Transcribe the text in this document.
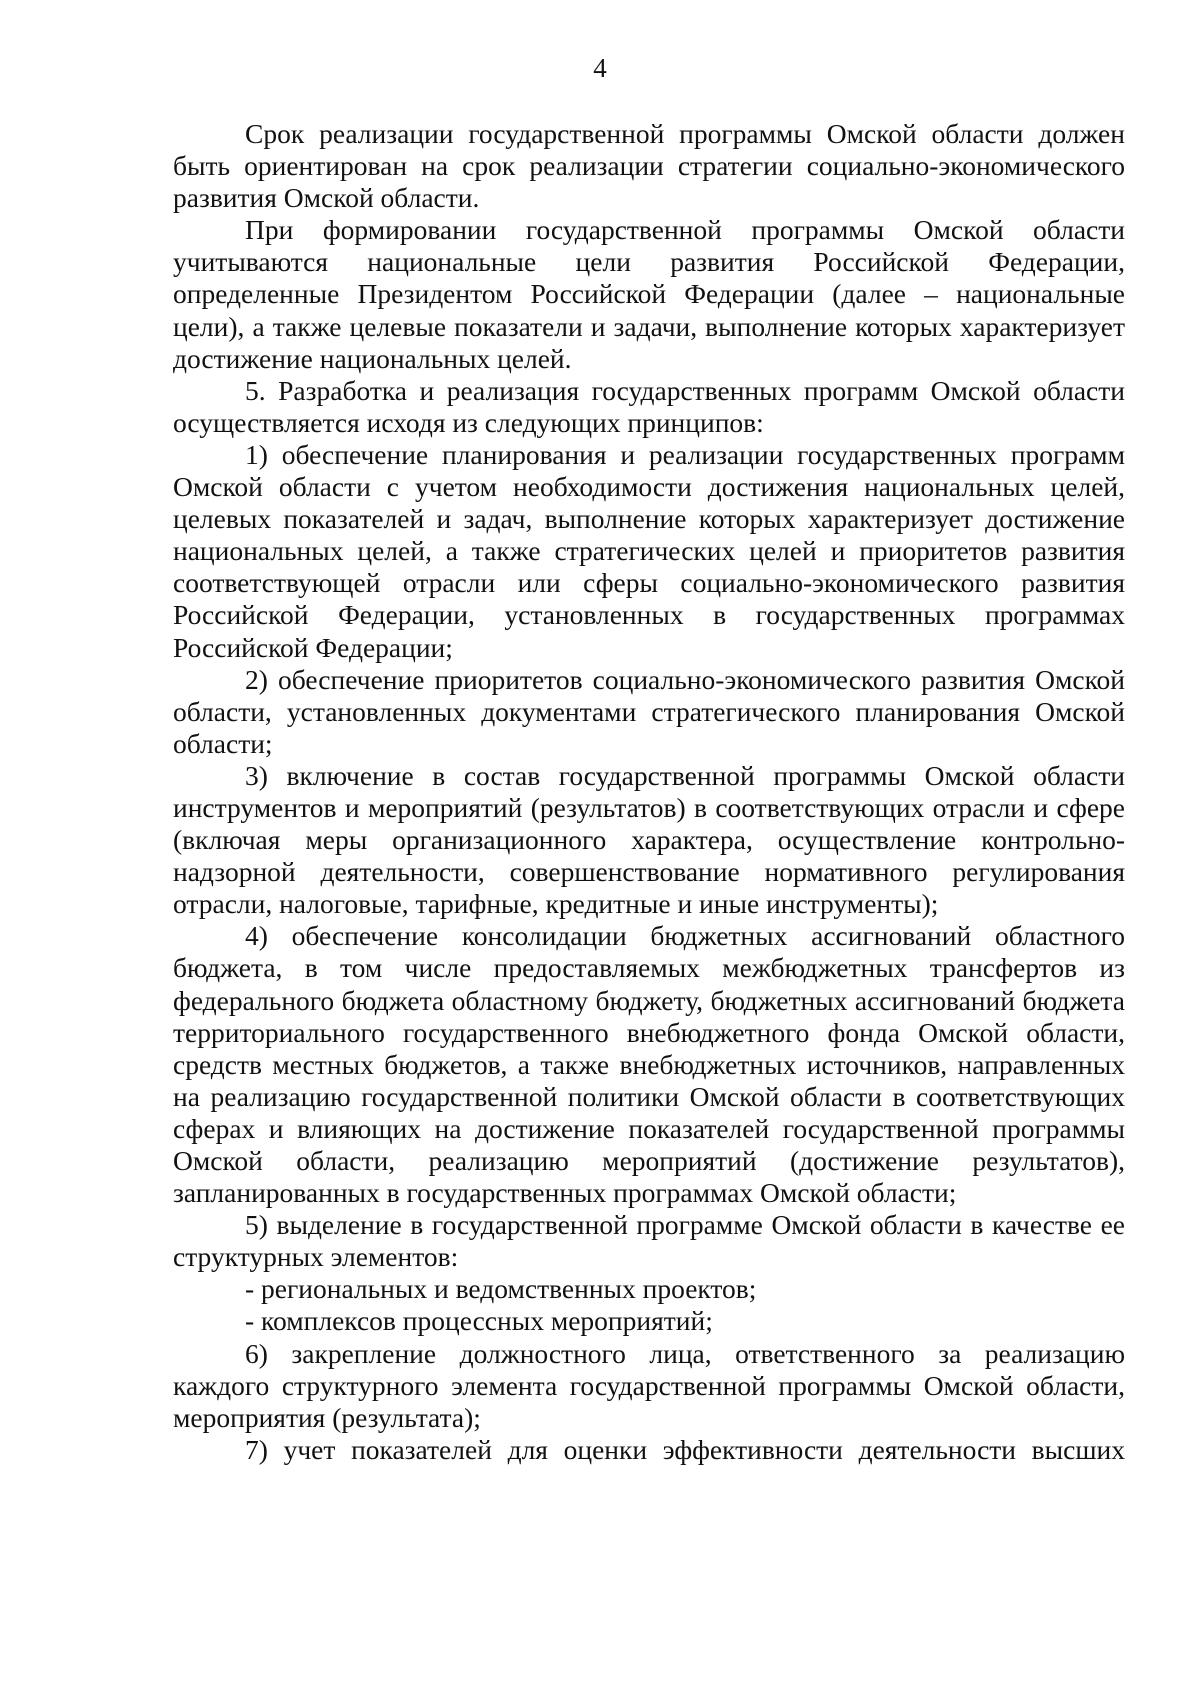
4

Срок реализации государственной программы Омской области должен быть ориентирован на срок реализации стратегии социально-экономического развития Омской области.

При формировании государственной программы Омской области учитываются национальные цели развития Российской Федерации, определенные Президентом Российской Федерации (далее – национальные цели), а также целевые показатели и задачи, выполнение которых характеризует достижение национальных целей.

5. Разработка и реализация государственных программ Омской области осуществляется исходя из следующих принципов:

1) обеспечение планирования и реализации государственных программ Омской области с учетом необходимости достижения национальных целей, целевых показателей и задач, выполнение которых характеризует достижение национальных целей, а также стратегических целей и приоритетов развития соответствующей отрасли или сферы социально-экономического развития Российской Федерации, установленных в государственных программах Российской Федерации;

2) обеспечение приоритетов социально-экономического развития Омской области, установленных документами стратегического планирования Омской области;

3) включение в состав государственной программы Омской области инструментов и мероприятий (результатов) в соответствующих отрасли и сфере (включая меры организационного характера, осуществление контрольно-надзорной деятельности, совершенствование нормативного регулирования отрасли, налоговые, тарифные, кредитные и иные инструменты);

4) обеспечение консолидации бюджетных ассигнований областного бюджета, в том числе предоставляемых межбюджетных трансфертов из федерального бюджета областному бюджету, бюджетных ассигнований бюджета территориального государственного внебюджетного фонда Омской области, средств местных бюджетов, а также внебюджетных источников, направленных на реализацию государственной политики Омской области в соответствующих сферах и влияющих на достижение показателей государственной программы Омской области, реализацию мероприятий (достижение результатов), запланированных в государственных программах Омской области;

5) выделение в государственной программе Омской области в качестве ее структурных элементов:

- региональных и ведомственных проектов;

- комплексов процессных мероприятий;

6) закрепление должностного лица, ответственного за реализацию каждого структурного элемента государственной программы Омской области, мероприятия (результата);

7) учет показателей для оценки эффективности деятельности высших
